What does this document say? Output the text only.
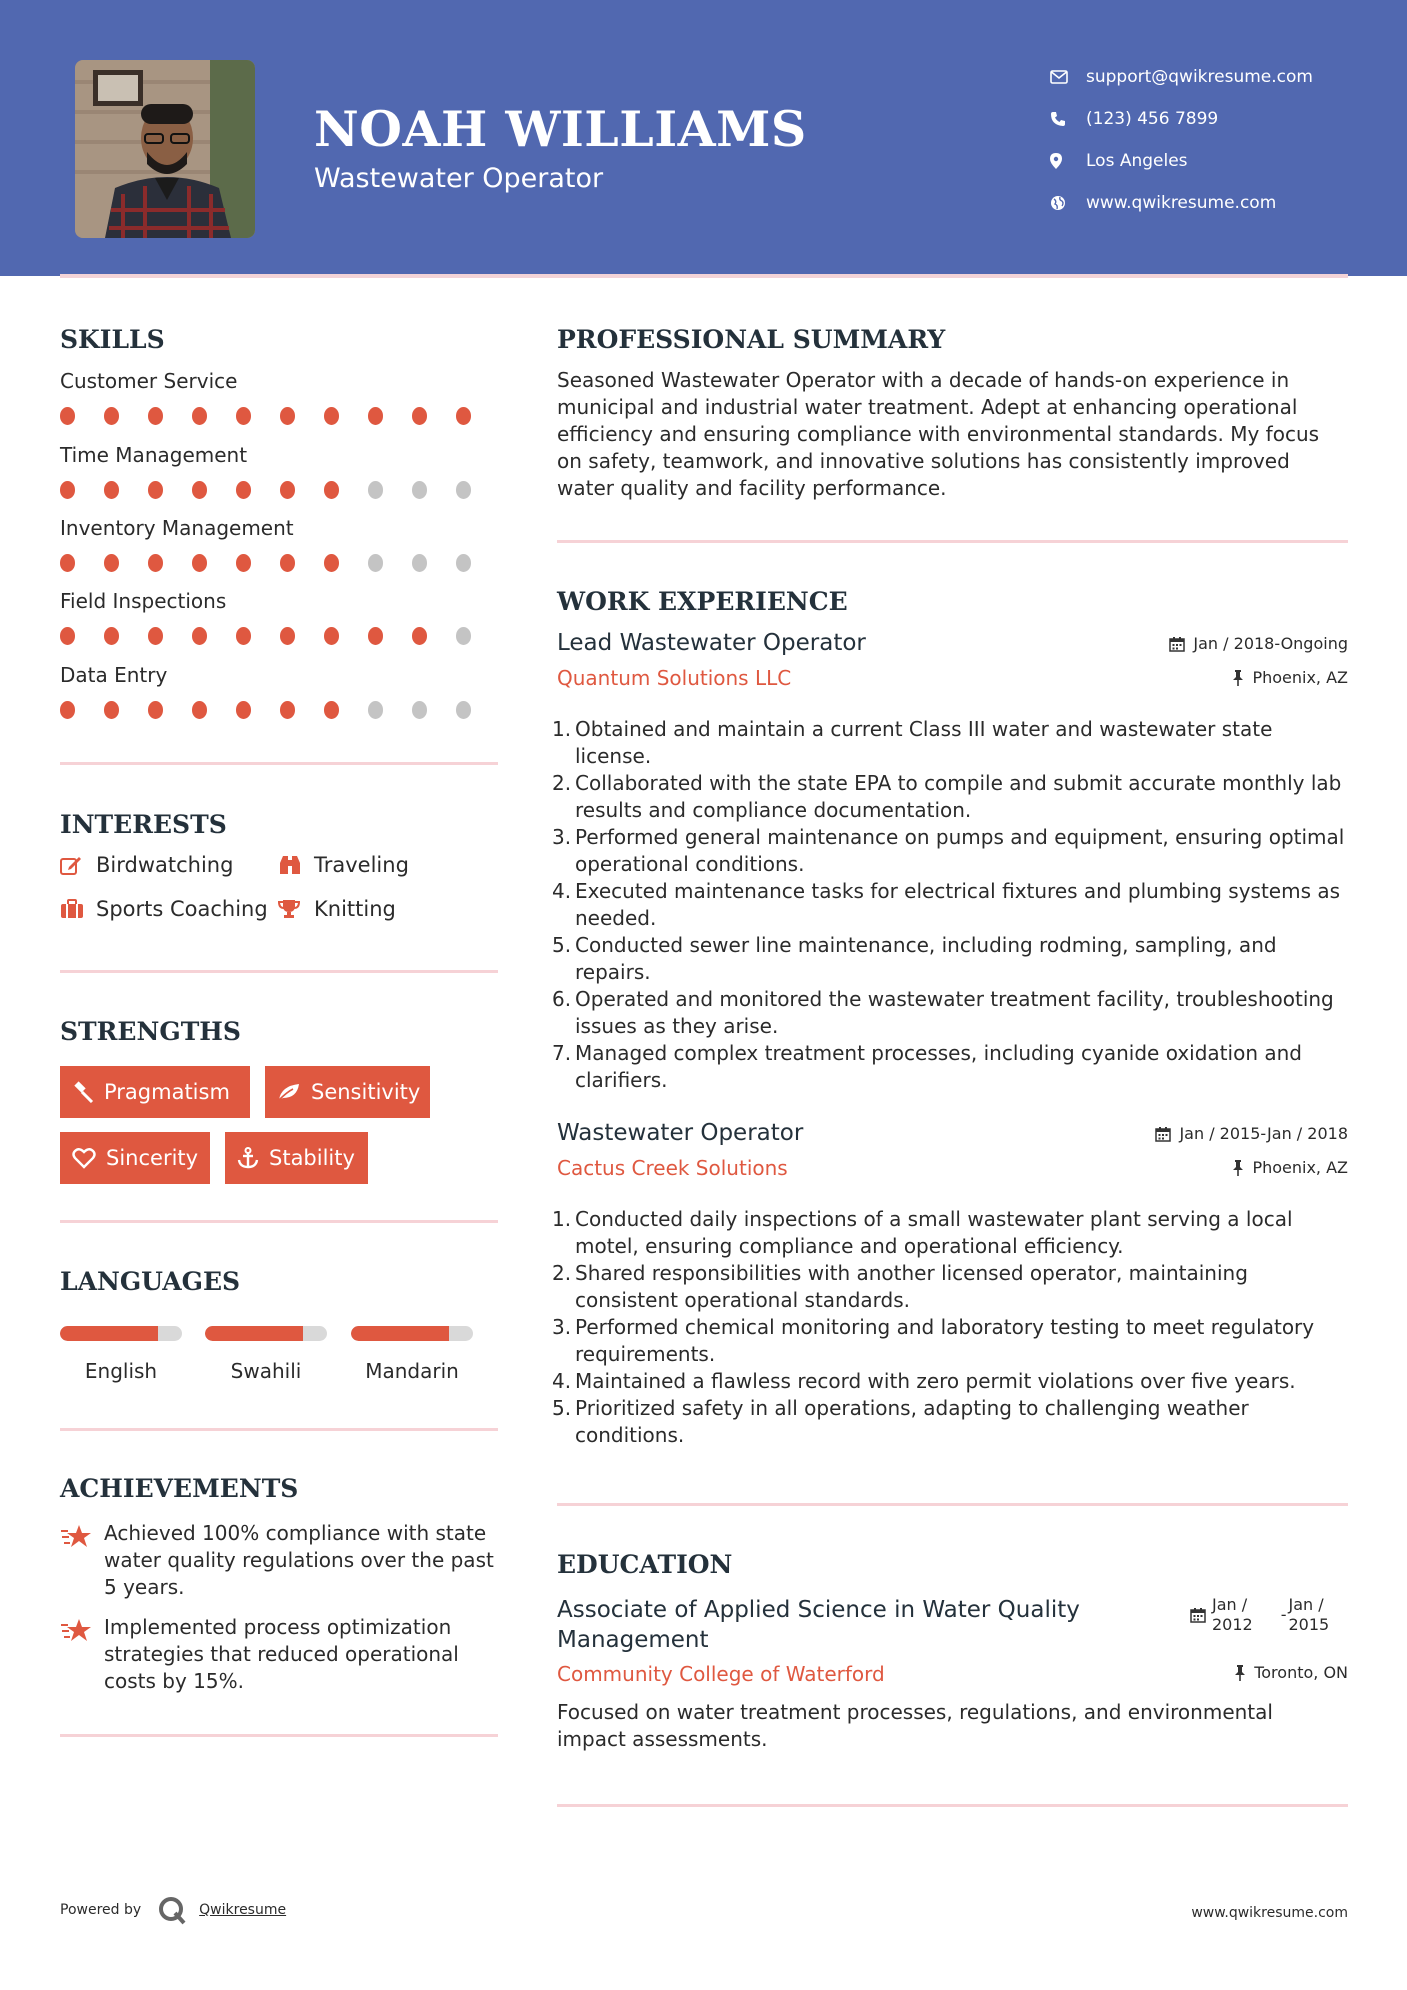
NOAH WILLIAMS
Wastewater Operator
support@qwikresume.com
(123) 456 7899
Los Angeles
www.qwikresume.com
SKILLS
Customer Service
Time Management
Inventory Management
Field Inspections
Data Entry
INTERESTS
Birdwatching	Traveling
Sports Coaching Knitting
STRENGTHS
Pragmatism	Sensitivity
Sincerity	Stability
LANGUAGES
English	Swahili	Mandarin
ACHIEVEMENTS
Achieved 100% compliance with state water quality regulations over the past 5 years.
Implemented process optimization strategies that reduced operational costs by 15%.
PROFESSIONAL SUMMARY
Seasoned Wastewater Operator with a decade of hands-on experience in municipal and industrial water treatment. Adept at enhancing operational efficiency and ensuring compliance with environmental standards. My focus on safety, teamwork, and innovative solutions has consistently improved water quality and facility performance.
WORK EXPERIENCE
Lead Wastewater Operator
Quantum Solutions LLC
Jan / 2018-Ongoing
Phoenix, AZ
1. Obtained and maintain a current Class III water and wastewater state license.
2. Collaborated with the state EPA to compile and submit accurate monthly lab results and compliance documentation.
3. Performed general maintenance on pumps and equipment, ensuring optimal operational conditions.
4. Executed maintenance tasks for electrical fixtures and plumbing systems as needed.
5. Conducted sewer line maintenance, including rodming, sampling, and repairs.
6. Operated and monitored the wastewater treatment facility, troubleshooting issues as they arise.
7. Managed complex treatment processes, including cyanide oxidation and clarifiers.
Wastewater Operator
Cactus Creek Solutions
Jan / 2015-Jan / 2018
Phoenix, AZ
1. Conducted daily inspections of a small wastewater plant serving a local motel, ensuring compliance and operational efficiency.
2. Shared responsibilities with another licensed operator, maintaining consistent operational standards.
3. Performed chemical monitoring and laboratory testing to meet regulatory requirements.
4. Maintained a flawless record with zero permit violations over five years.
5. Prioritized safety in all operations, adapting to challenging weather conditions.
EDUCATION
Associate of Applied Science in Water Quality Management
Jan /
2012
-
Jan /
2015
Community College of Waterford	Toronto, ON
Focused on water treatment processes, regulations, and environmental impact assessments.
Powered by	Qwikresume	www.qwikresume.com
